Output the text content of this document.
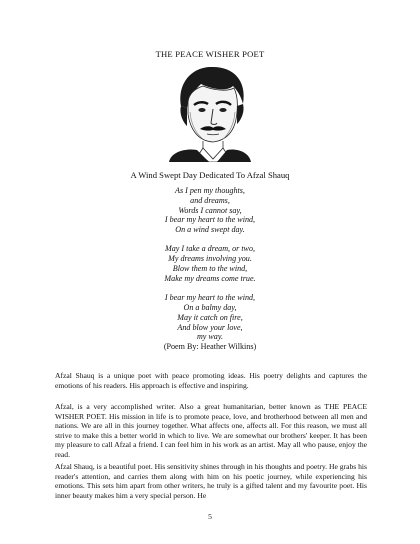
THE PEACE WISHER POET
A Wind Swept Day Dedicated To Afzal Shauq
As I pen my thoughts,
and dreams,
Words I cannot say,
I bear my heart to the wind,
On a wind swept day.
May I take a dream, or two,
My dreams involving you.
Blow them to the wind,
Make my dreams come true.
I bear my heart to the wind,
On a balmy day,
May it catch on fire,
And blow your love,
my way.
(Poem By: Heather Wilkins)

Afzal Shauq is a unique poet with peace promoting ideas. His poetry delights and captures the emotions of his readers. His approach is effective and inspiring.

Afzal, is a very accomplished writer. Also a great humanitarian, better known as THE PEACE WISHER POET. His mission in life is to promote peace, love, and brotherhood between all men and nations. We are all in this journey together. What affects one, affects all. For this reason, we must all strive to make this a better world in which to live. We are somewhat our brothers' keeper. It has been my pleasure to call Afzal a friend. I can feel him in his work as an artist. May all who pause, enjoy the read.

Afzal Shauq, is a beautiful poet. His sensitivity shines through in his thoughts and poetry. He grabs his reader's attention, and carries them along with him on his poetic journey, while experiencing his emotions. This sets him apart from other writers, he truly is a gifted talent and my favourite poet. His inner beauty makes him a very special person. He

5
